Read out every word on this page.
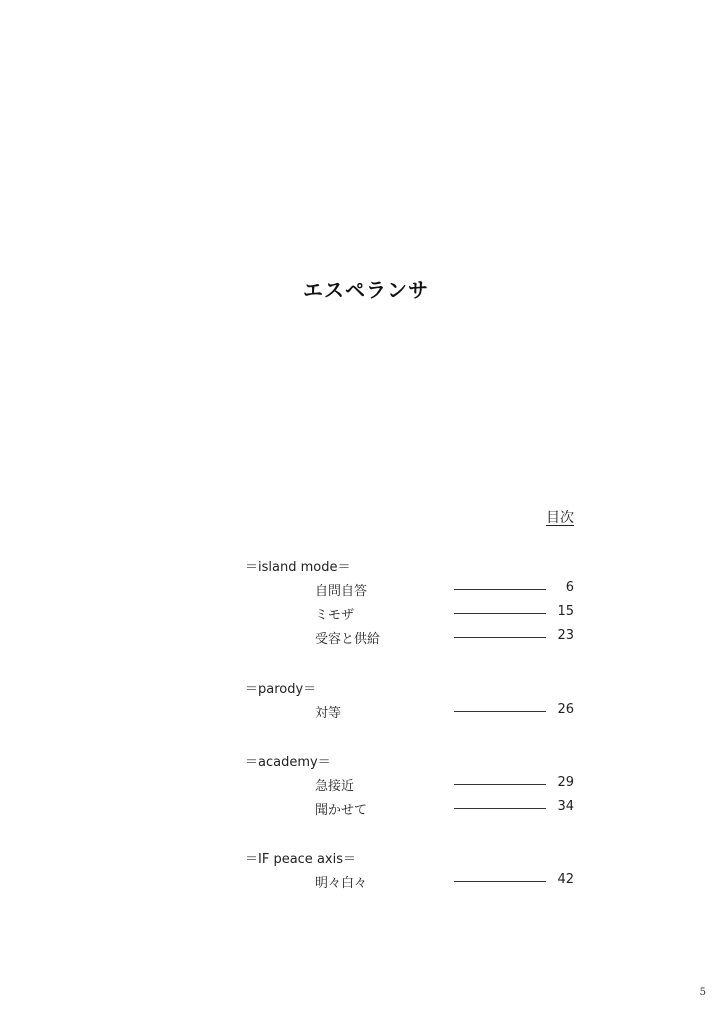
エスペランサ
目次
＝island mode＝
自問自答	6
ミモザ	15
受容と供給	23
＝parody＝
対等	26
＝academy＝
急接近	29
聞かせて	34
＝IF peace axis＝
明々白々	42
5
